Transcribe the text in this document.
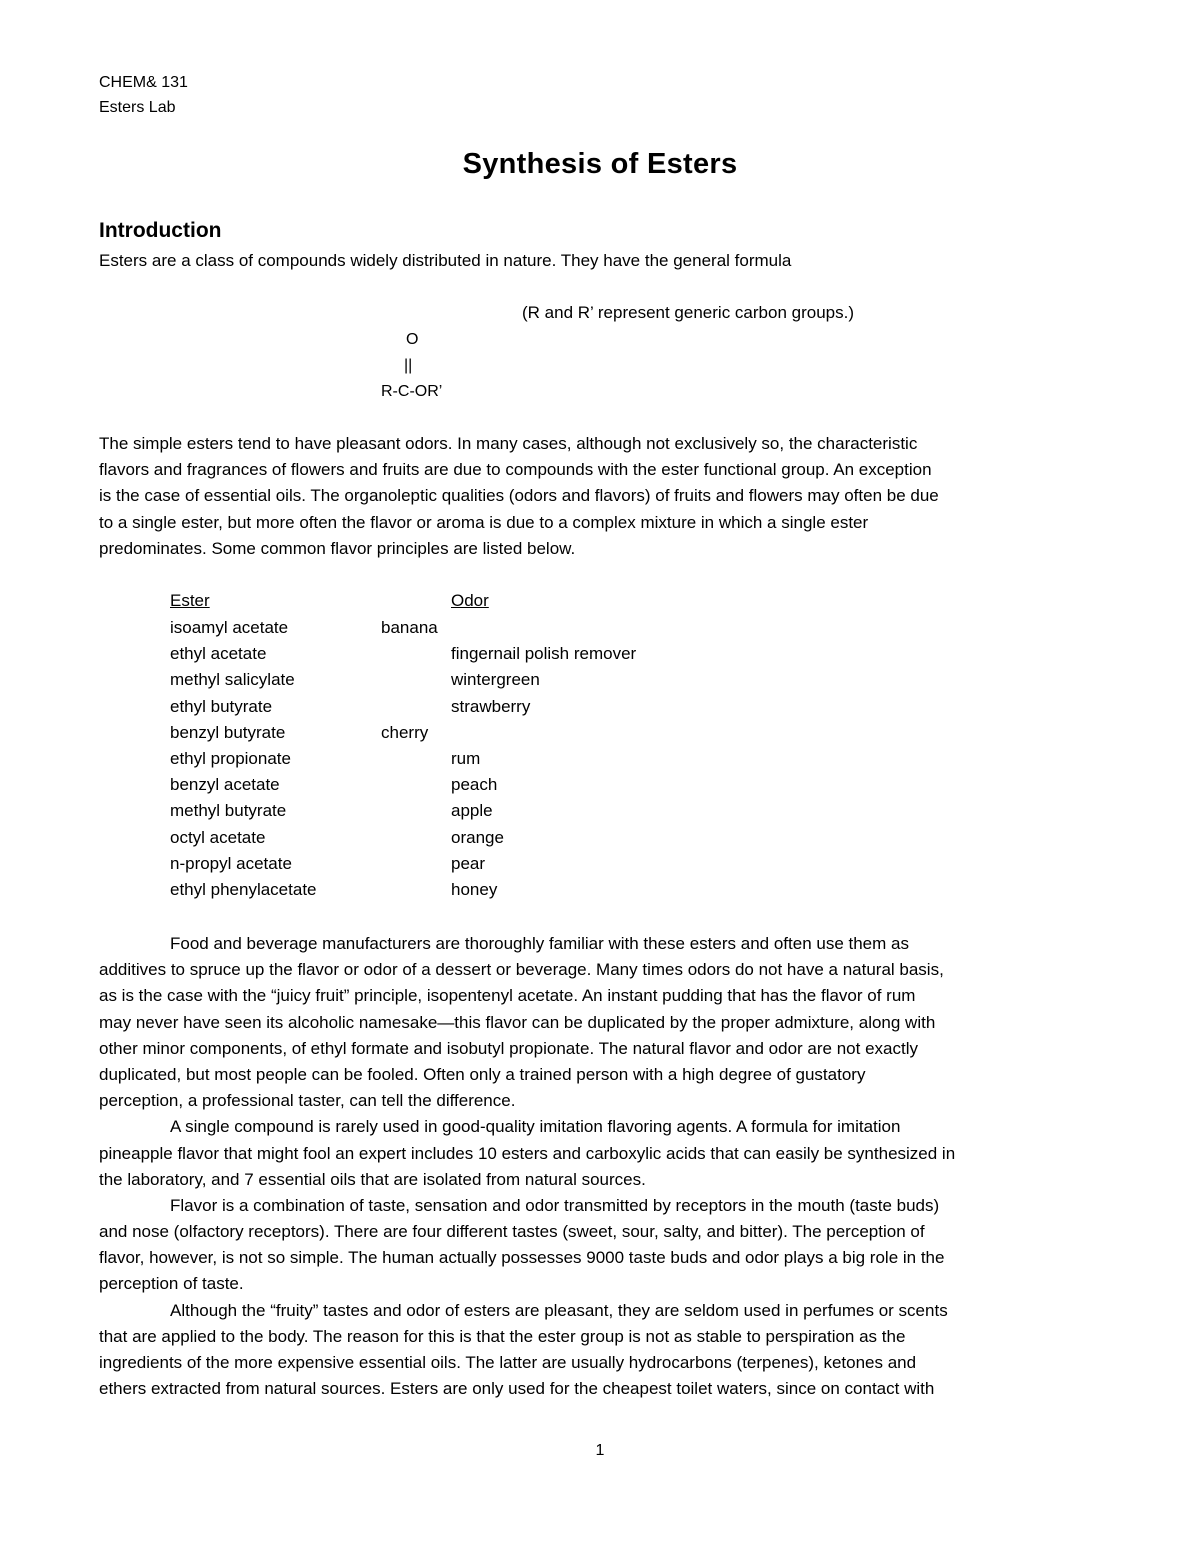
CHEM& 131
Esters Lab
Synthesis of Esters
Introduction
Esters are a class of compounds widely distributed in nature. They have the general formula
(R and R’ represent generic carbon groups.)
O
||
R-C-OR’
The simple esters tend to have pleasant odors. In many cases, although not exclusively so, the characteristic
flavors and fragrances of flowers and fruits are due to compounds with the ester functional group. An exception
is the case of essential oils. The organoleptic qualities (odors and flavors) of fruits and flowers may often be due
to a single ester, but more often the flavor or aroma is due to a complex mixture in which a single ester
predominates. Some common flavor principles are listed below.
Ester	Odor
isoamyl acetate	banana
ethyl acetate	fingernail polish remover
methyl salicylate	wintergreen
ethyl butyrate	strawberry
benzyl butyrate	cherry
ethyl propionate	rum
benzyl acetate	peach
methyl butyrate	apple
octyl acetate	orange
n-propyl acetate	pear
ethyl phenylacetate	honey
Food and beverage manufacturers are thoroughly familiar with these esters and often use them as
additives to spruce up the flavor or odor of a dessert or beverage. Many times odors do not have a natural basis,
as is the case with the “juicy fruit” principle, isopentenyl acetate. An instant pudding that has the flavor of rum
may never have seen its alcoholic namesake—this flavor can be duplicated by the proper admixture, along with
other minor components, of ethyl formate and isobutyl propionate. The natural flavor and odor are not exactly
duplicated, but most people can be fooled. Often only a trained person with a high degree of gustatory
perception, a professional taster, can tell the difference.
A single compound is rarely used in good-quality imitation flavoring agents. A formula for imitation
pineapple flavor that might fool an expert includes 10 esters and carboxylic acids that can easily be synthesized in
the laboratory, and 7 essential oils that are isolated from natural sources.
Flavor is a combination of taste, sensation and odor transmitted by receptors in the mouth (taste buds)
and nose (olfactory receptors). There are four different tastes (sweet, sour, salty, and bitter). The perception of
flavor, however, is not so simple. The human actually possesses 9000 taste buds and odor plays a big role in the
perception of taste.
Although the “fruity” tastes and odor of esters are pleasant, they are seldom used in perfumes or scents
that are applied to the body. The reason for this is that the ester group is not as stable to perspiration as the
ingredients of the more expensive essential oils. The latter are usually hydrocarbons (terpenes), ketones and
ethers extracted from natural sources. Esters are only used for the cheapest toilet waters, since on contact with
1
